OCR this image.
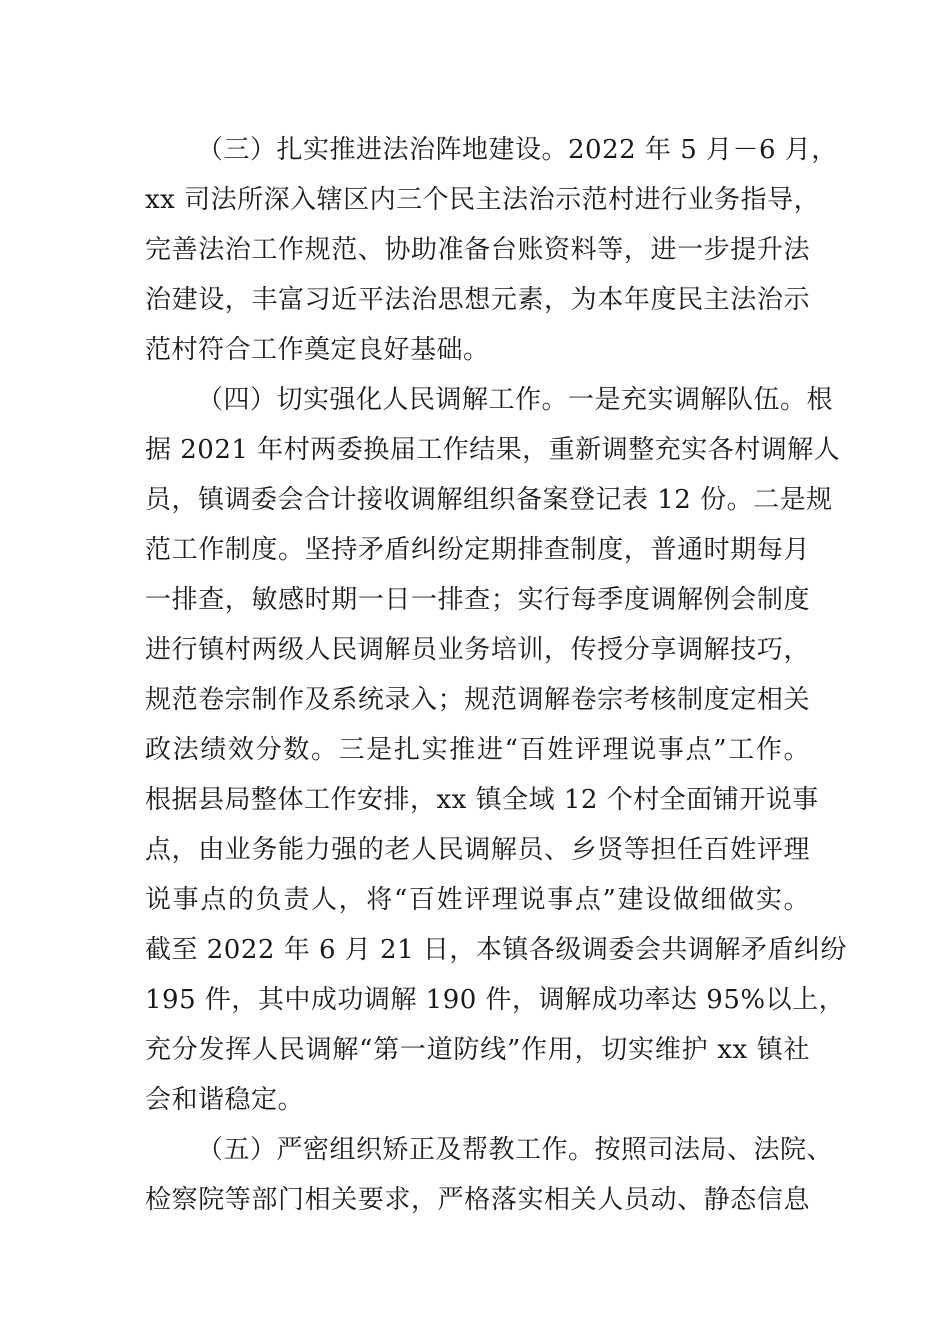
（三）扎实推进法治阵地建设。2022 年 5 月－6 月，
xx 司法所深入辖区内三个民主法治示范村进行业务指导，
完善法治工作规范、协助准备台账资料等，进一步提升法
治建设，丰富习近平法治思想元素，为本年度民主法治示
范村符合工作奠定良好基础。
（四）切实强化人民调解工作。一是充实调解队伍。根
据 2021 年村两委换届工作结果，重新调整充实各村调解人
员，镇调委会合计接收调解组织备案登记表 12 份。二是规
范工作制度。坚持矛盾纠纷定期排查制度，普通时期每月
一排查，敏感时期一日一排查；实行每季度调解例会制度
进行镇村两级人民调解员业务培训，传授分享调解技巧，
规范卷宗制作及系统录入；规范调解卷宗考核制度定相关
政法绩效分数。三是扎实推进“百姓评理说事点”工作。
根据县局整体工作安排，xx 镇全域 12 个村全面铺开说事
点，由业务能力强的老人民调解员、乡贤等担任百姓评理
说事点的负责人，将“百姓评理说事点”建设做细做实。
截至 2022 年 6 月 21 日，本镇各级调委会共调解矛盾纠纷
195 件，其中成功调解 190 件，调解成功率达 95%以上，
充分发挥人民调解“第一道防线”作用，切实维护 xx 镇社
会和谐稳定。
（五）严密组织矫正及帮教工作。按照司法局、法院、
检察院等部门相关要求，严格落实相关人员动、静态信息
